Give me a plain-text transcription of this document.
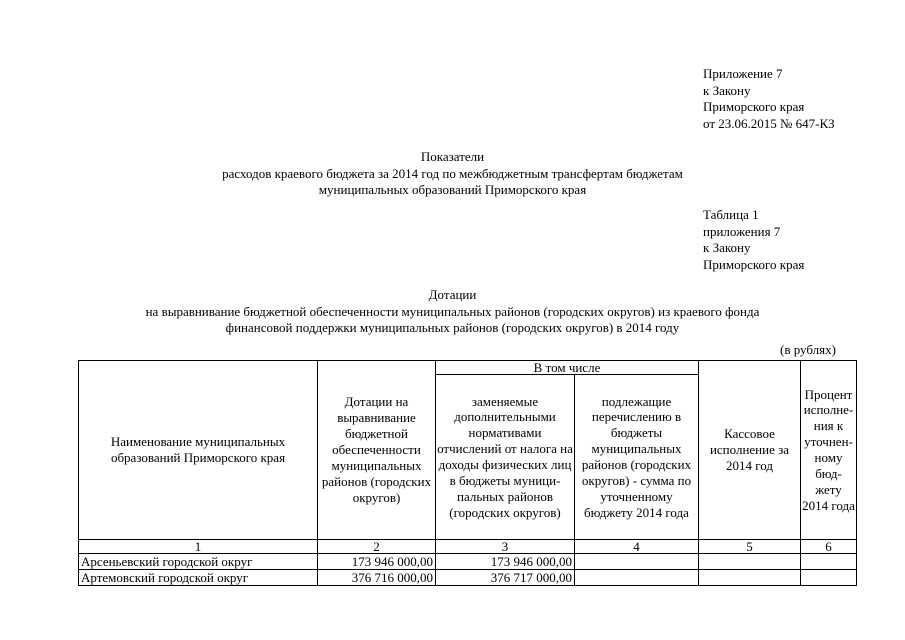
Приложение 7
к Закону
Приморского края
от 23.06.2015 № 647-КЗ
Показатели
расходов краевого бюджета за 2014 год по межбюджетным трансфертам бюджетам
муниципальных образований Приморского края
Таблица 1
приложения 7
к Закону
Приморского края
Дотации
на выравнивание бюджетной обеспеченности муниципальных районов (городских округов) из краевого фонда
финансовой поддержки муниципальных районов (городских округов) в 2014 году
(в рублях)
Наименование муниципальных образований Приморского края	Дотации на выравнивание бюджетной обеспеченности муниципальных районов (городских округов)	В том числе		Кассовое исполнение за 2014 год	Процент исполне- ния к уточнен- ному бюд- жету 2014 года
		заменяемые дополнительными нормативами отчислений от налога на доходы физических лиц в бюджеты муници- пальных районов (городских округов)	подлежащие перечислению в бюджеты муниципальных районов (городских округов) - сумма по уточненному бюджету 2014 года		
1	2	3	4	5	6
Арсеньевский городской округ	173 946 000,00	173 946 000,00			
Артемовский городской округ	376 716 000,00	376 717 000,00			
